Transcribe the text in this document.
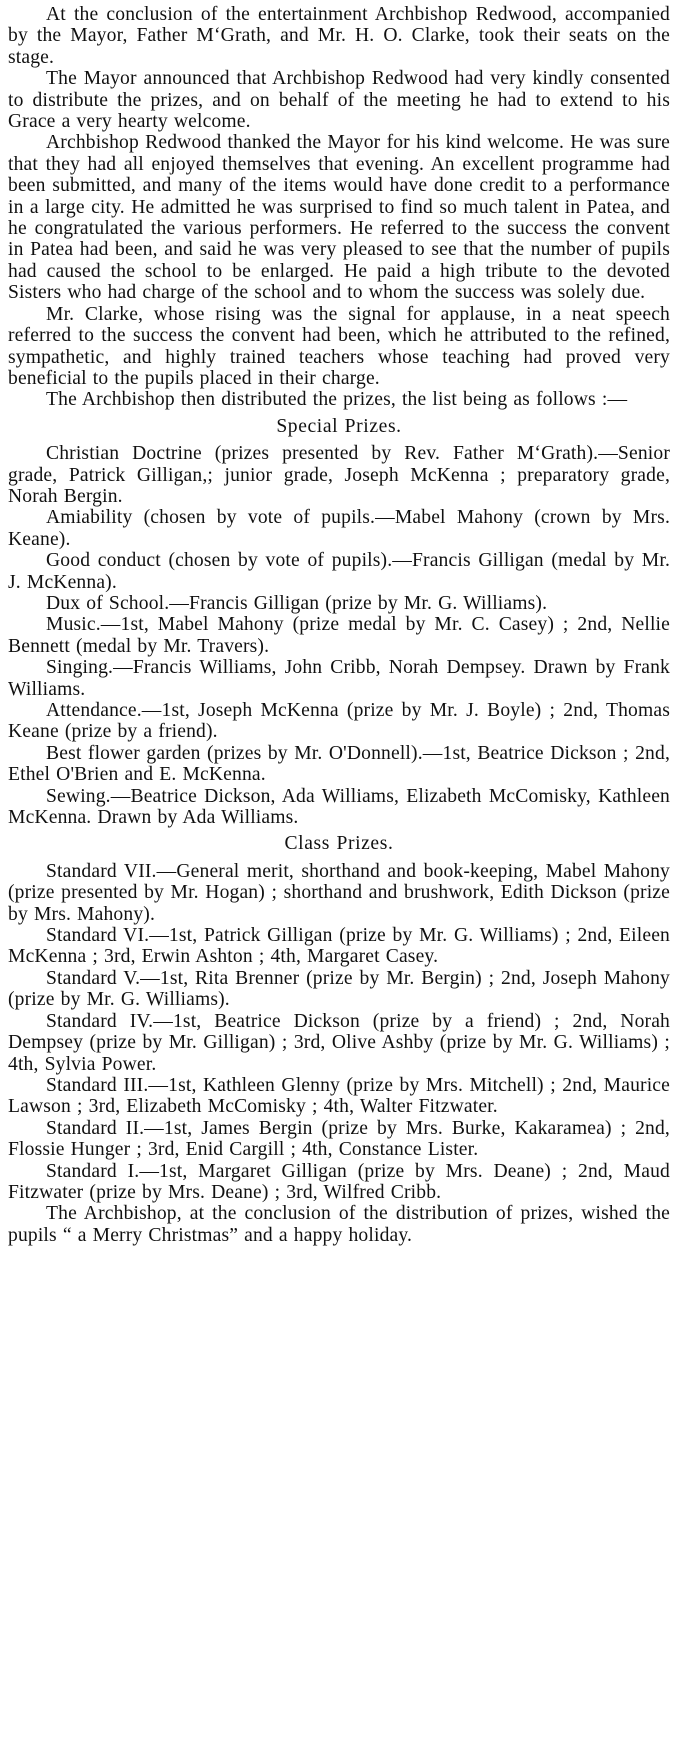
At the conclusion of the entertainment Archbishop Redwood, accompanied by the Mayor, Father M‘Grath, and Mr. H. O. Clarke, took their seats on the stage.

The Mayor announced that Archbishop Redwood had very kindly consented to distribute the prizes, and on behalf of the meeting he had to extend to his Grace a very hearty welcome.

Archbishop Redwood thanked the Mayor for his kind welcome. He was sure that they had all enjoyed themselves that evening. An excellent programme had been submitted, and many of the items would have done credit to a performance in a large city. He admitted he was surprised to find so much talent in Patea, and he congratulated the various performers. He referred to the success the convent in Patea had been, and said he was very pleased to see that the number of pupils had caused the school to be enlarged. He paid a high tribute to the devoted Sisters who had charge of the school and to whom the success was solely due.

Mr. Clarke, whose rising was the signal for applause, in a neat speech referred to the success the convent had been, which he attributed to the refined, sympathetic, and highly trained teachers whose teaching had proved very beneficial to the pupils placed in their charge.

The Archbishop then distributed the prizes, the list being as follows :—

Special Prizes.

Christian Doctrine (prizes presented by Rev. Father M‘Grath).—Senior grade, Patrick Gilligan,; junior grade, Joseph McKenna ; preparatory grade, Norah Bergin.

Amiability (chosen by vote of pupils.—Mabel Mahony (crown by Mrs. Keane).

Good conduct (chosen by vote of pupils).—Francis Gilligan (medal by Mr. J. McKenna).

Dux of School.—Francis Gilligan (prize by Mr. G. Williams).

Music.—1st, Mabel Mahony (prize medal by Mr. C. Casey) ; 2nd, Nellie Bennett (medal by Mr. Travers).

Singing.—Francis Williams, John Cribb, Norah Dempsey. Drawn by Frank Williams.

Attendance.—1st, Joseph McKenna (prize by Mr. J. Boyle) ; 2nd, Thomas Keane (prize by a friend).

Best flower garden (prizes by Mr. O'Donnell).—1st, Beatrice Dickson ; 2nd, Ethel O'Brien and E. McKenna.

Sewing.—Beatrice Dickson, Ada Williams, Elizabeth McComisky, Kathleen McKenna. Drawn by Ada Williams.

Class Prizes.

Standard VII.—General merit, shorthand and book-keeping, Mabel Mahony (prize presented by Mr. Hogan) ; shorthand and brushwork, Edith Dickson (prize by Mrs. Mahony).

Standard VI.—1st, Patrick Gilligan (prize by Mr. G. Williams) ; 2nd, Eileen McKenna ; 3rd, Erwin Ashton ; 4th, Margaret Casey.

Standard V.—1st, Rita Brenner (prize by Mr. Bergin) ; 2nd, Joseph Mahony (prize by Mr. G. Williams).

Standard IV.—1st, Beatrice Dickson (prize by a friend) ; 2nd, Norah Dempsey (prize by Mr. Gilligan) ; 3rd, Olive Ashby (prize by Mr. G. Williams) ; 4th, Sylvia Power.

Standard III.—1st, Kathleen Glenny (prize by Mrs. Mitchell) ; 2nd, Maurice Lawson ; 3rd, Elizabeth McComisky ; 4th, Walter Fitzwater.

Standard II.—1st, James Bergin (prize by Mrs. Burke, Kakaramea) ; 2nd, Flossie Hunger ; 3rd, Enid Cargill ; 4th, Constance Lister.

Standard I.—1st, Margaret Gilligan (prize by Mrs. Deane) ; 2nd, Maud Fitzwater (prize by Mrs. Deane) ; 3rd, Wilfred Cribb.

The Archbishop, at the conclusion of the distribution of prizes, wished the pupils “ a Merry Christmas” and a happy holiday.
